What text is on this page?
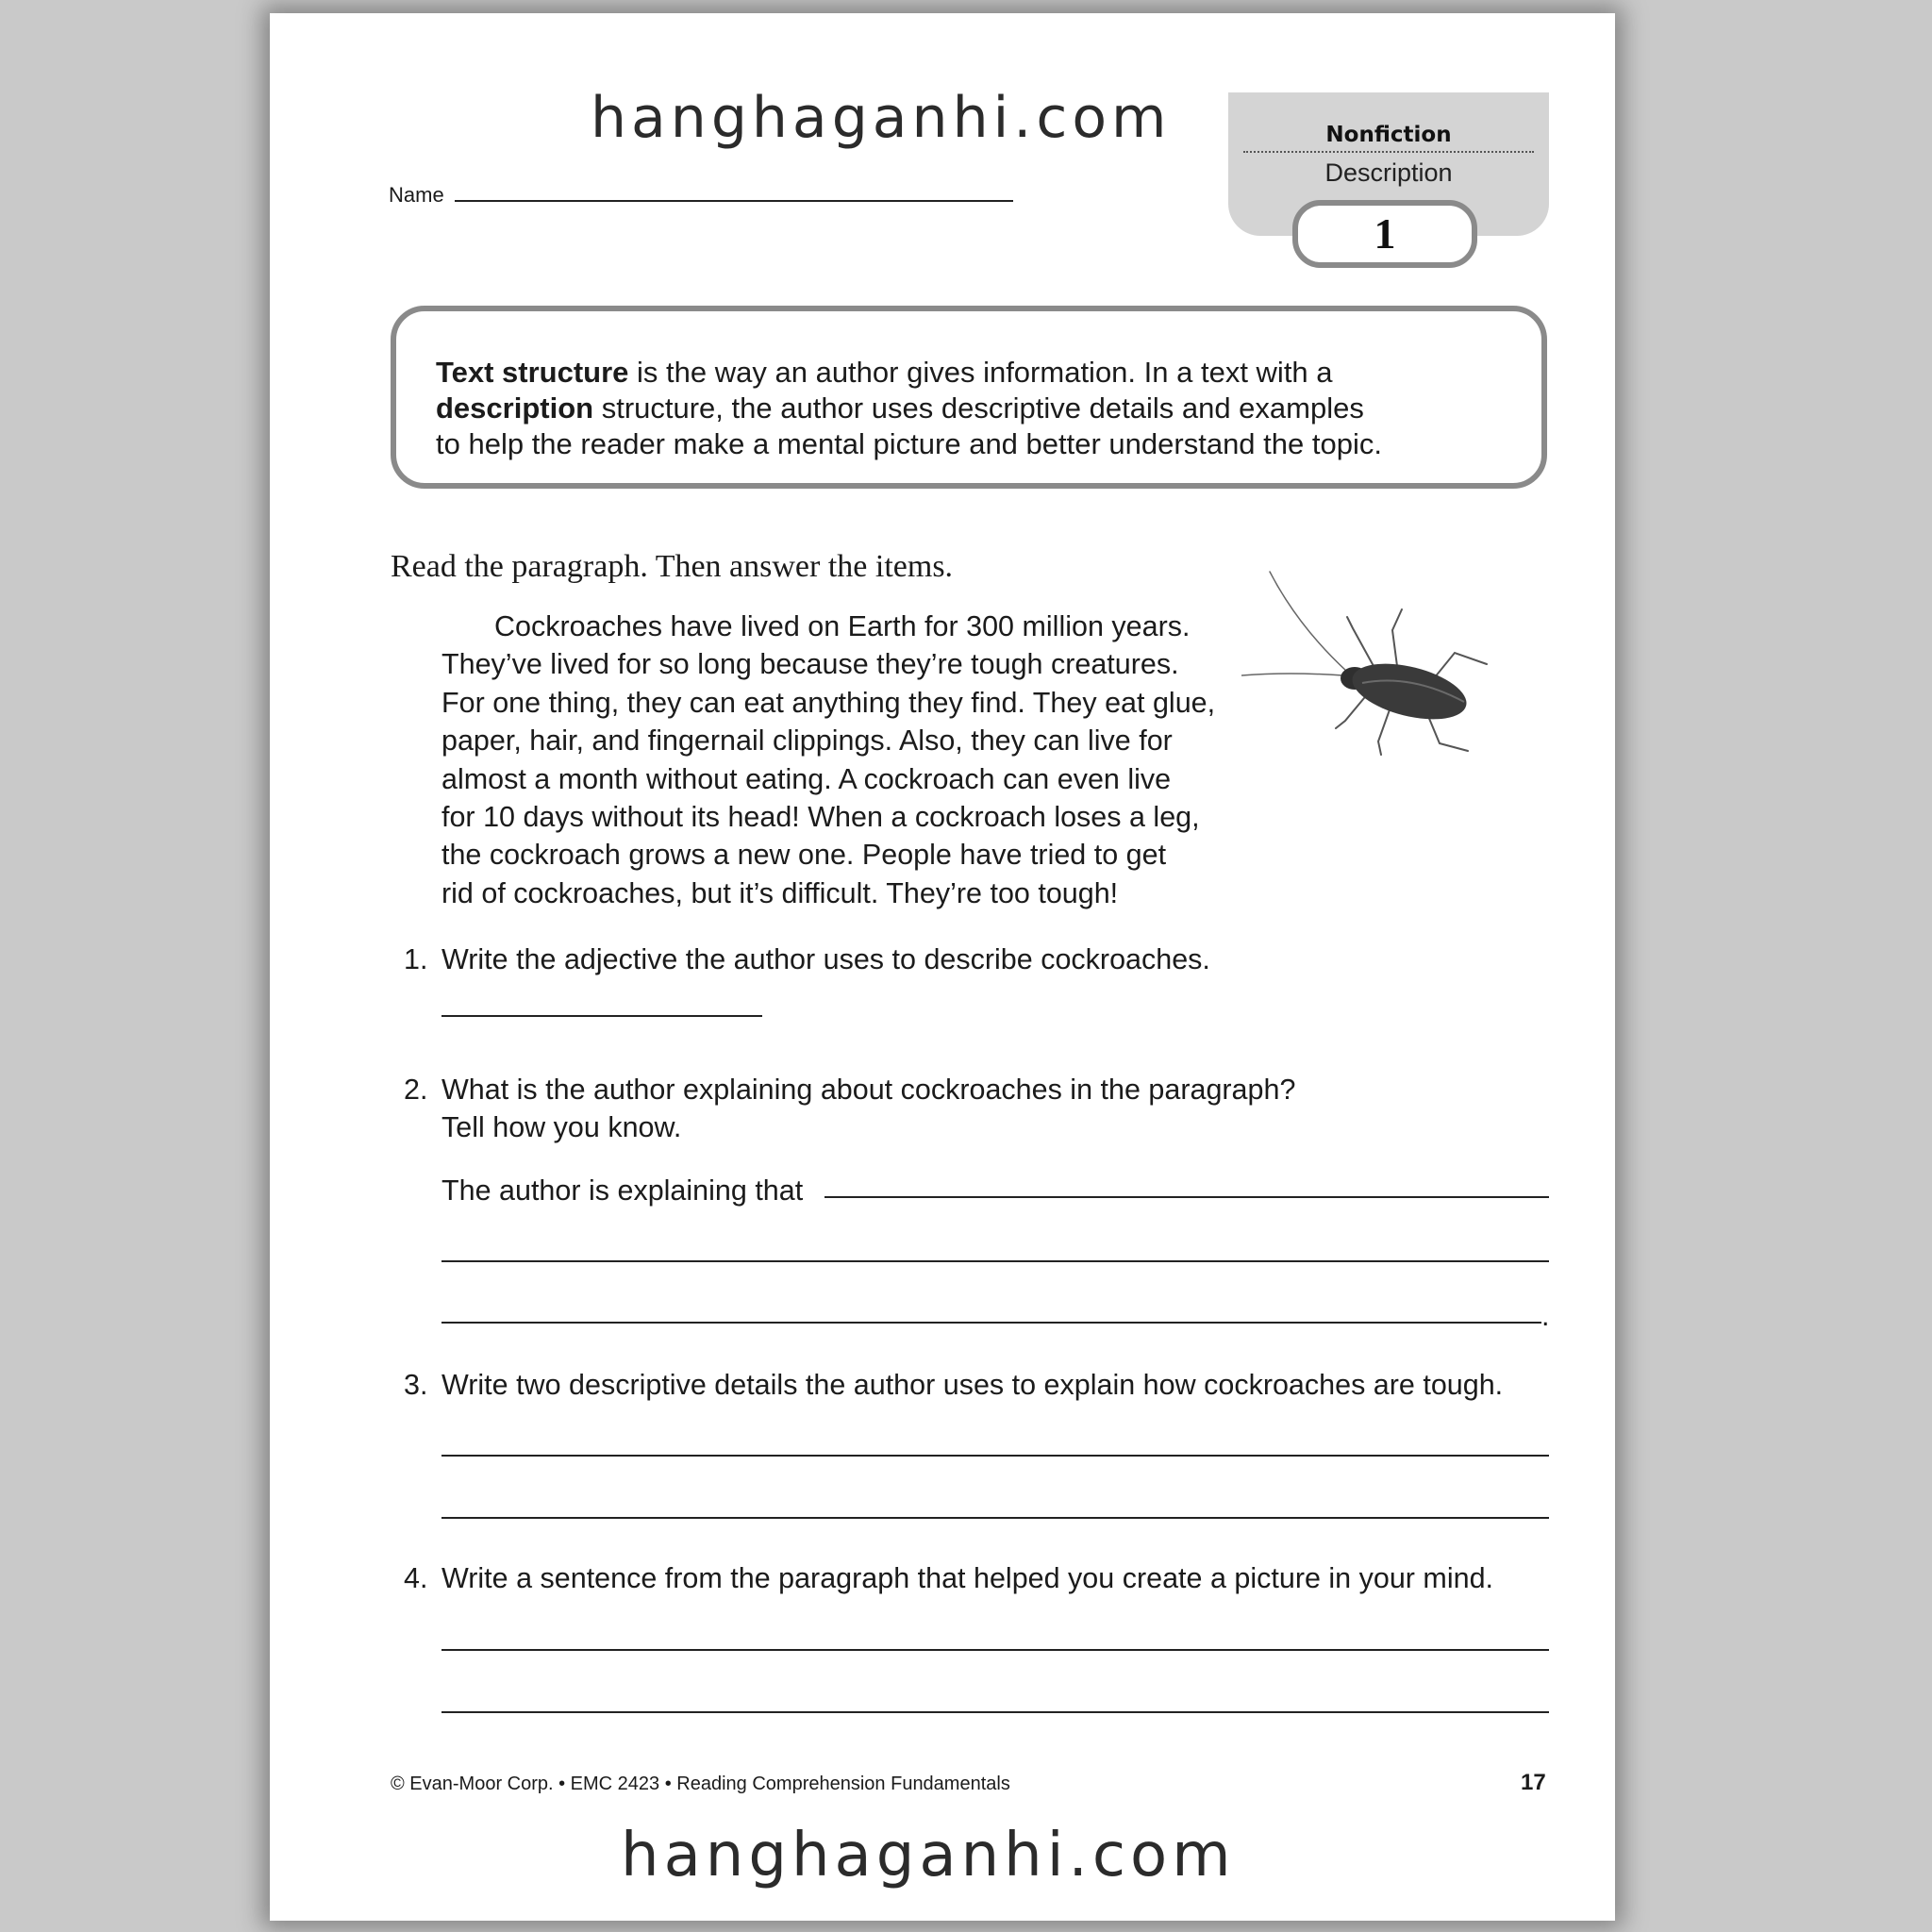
hanghaganhi.com
Name
Nonfiction
Description
1
Text structure is the way an author gives information. In a text with a
description structure, the author uses descriptive details and examples
to help the reader make a mental picture and better understand the topic.
Read the paragraph. Then answer the items.
Cockroaches have lived on Earth for 300 million years.
They’ve lived for so long because they’re tough creatures.
For one thing, they can eat anything they find. They eat glue,
paper, hair, and fingernail clippings. Also, they can live for
almost a month without eating. A cockroach can even live
for 10 days without its head! When a cockroach loses a leg,
the cockroach grows a new one. People have tried to get
rid of cockroaches, but it’s difficult. They’re too tough!
1. Write the adjective the author uses to describe cockroaches.
2. What is the author explaining about cockroaches in the paragraph?
Tell how you know.
The author is explaining that
.
3. Write two descriptive details the author uses to explain how cockroaches are tough.
4. Write a sentence from the paragraph that helped you create a picture in your mind.
© Evan-Moor Corp. • EMC 2423 • Reading Comprehension Fundamentals	17
hanghaganhi.com
